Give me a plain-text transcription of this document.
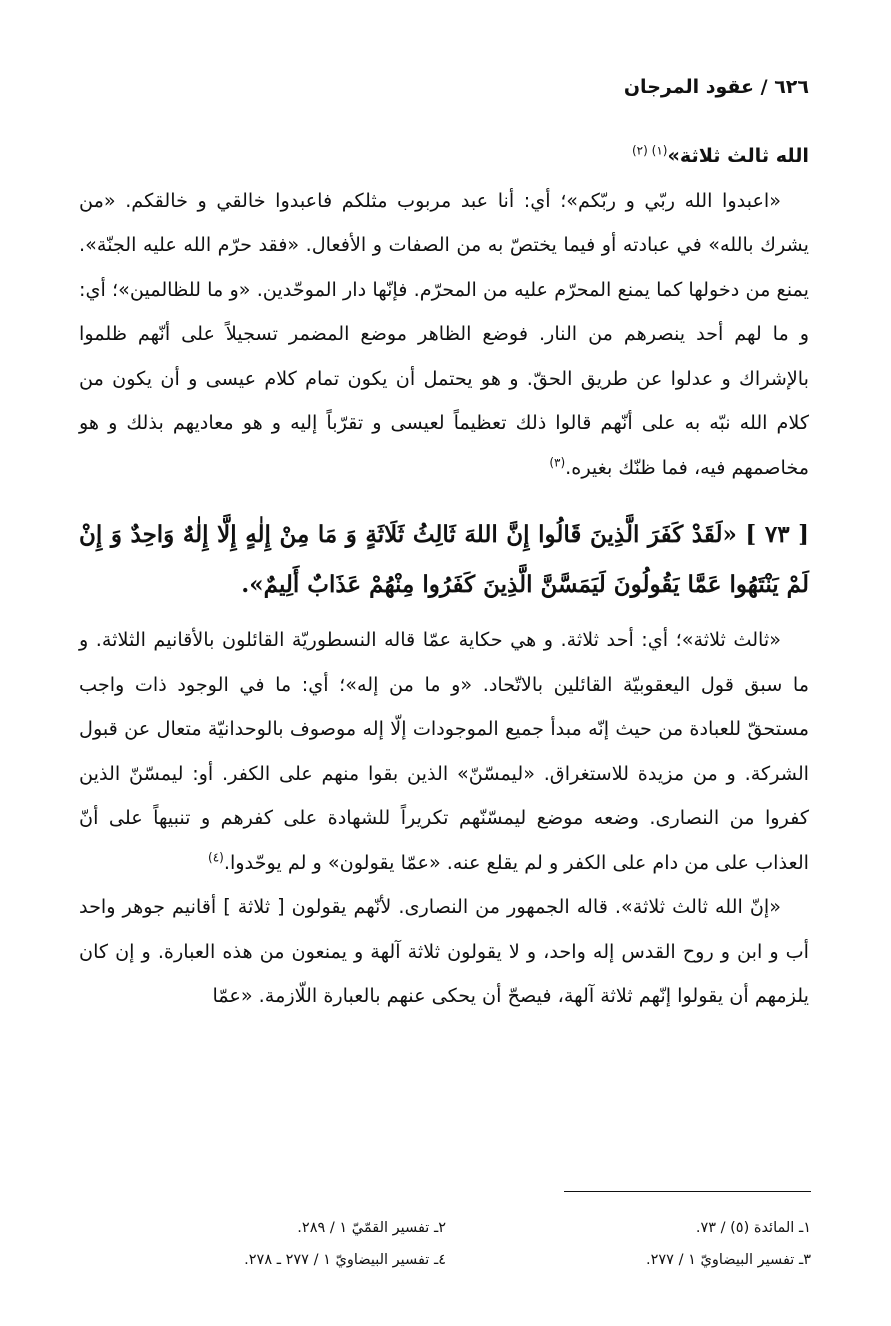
٦٢٦ / عقود المرجان

الله ثالث ثلاثة»$^{(١) (٢)}$

«اعبدوا الله ربّي و ربّكم»؛ أي: أنا عبد مربوب مثلكم فاعبدوا خالقي و خالقكم. «من يشرك بالله» في عبادته أو فيما يختصّ به من الصفات و الأفعال. «فقد حرّم الله عليه الجنّة». يمنع من دخولها كما يمنع المحرّم عليه من المحرّم. فإنّها دار الموحّدين. «و ما للظالمين»؛ أي: و ما لهم أحد ينصرهم من النار. فوضع الظاهر موضع المضمر تسجيلاً على أنّهم ظلموا بالإشراك و عدلوا عن طريق الحقّ. و هو يحتمل أن يكون تمام كلام عيسى و أن يكون من كلام الله نبّه به على أنّهم قالوا ذلك تعظيماً لعيسى و تقرّباً إليه و هو معاديهم بذلك و هو مخاصمهم فيه، فما ظنّك بغيره.$^{(٣)}$

[ ٧٣ ] «لَقَدْ كَفَرَ الَّذِينَ قَالُوا إِنَّ اللهَ ثَالِثُ ثَلَاثَةٍ وَ مَا مِنْ إِلٰهٍ إِلَّا إِلٰهٌ وَاحِدٌ وَ إِنْ لَمْ يَنْتَهُوا عَمَّا يَقُولُونَ لَيَمَسَّنَّ الَّذِينَ كَفَرُوا مِنْهُمْ عَذَابٌ أَلِيمٌ».

«ثالث ثلاثة»؛ أي: أحد ثلاثة. و هي حكاية عمّا قاله النسطوريّة القائلون بالأقانيم الثلاثة. و ما سبق قول اليعقوبيّة القائلين بالاتّحاد. «و ما من إله»؛ أي: ما في الوجود ذات واجب مستحقّ للعبادة من حيث إنّه مبدأ جميع الموجودات إلّا إله موصوف بالوحدانيّة متعال عن قبول الشركة. و من مزيدة للاستغراق. «ليمسّنّ» الذين بقوا منهم على الكفر. أو: ليمسّنّ الذين كفروا من النصارى. وضعه موضع ليمسّنّهم تكريراً للشهادة على كفرهم و تنبيهاً على أنّ العذاب على من دام على الكفر و لم يقلع عنه. «عمّا يقولون» و لم يوحّدوا.$^{(٤)}$

«إنّ الله ثالث ثلاثة». قاله الجمهور من النصارى. لأنّهم يقولون [ ثلاثة ] أقانيم جوهر واحد أب و ابن و روح القدس إله واحد، و لا يقولون ثلاثة آلهة و يمنعون من هذه العبارة. و إن كان يلزمهم أن يقولوا إنّهم ثلاثة آلهة، فيصحّ أن يحكى عنهم بالعبارة اللّازمة. «عمّا

١ـ المائدة (٥) / ٧٣.
٢ـ تفسير القمّيّ ١ / ٢٨٩.
٣ـ تفسير البيضاويّ ١ / ٢٧٧.
٤ـ تفسير البيضاويّ ١ / ٢٧٧ ـ ٢٧٨.
